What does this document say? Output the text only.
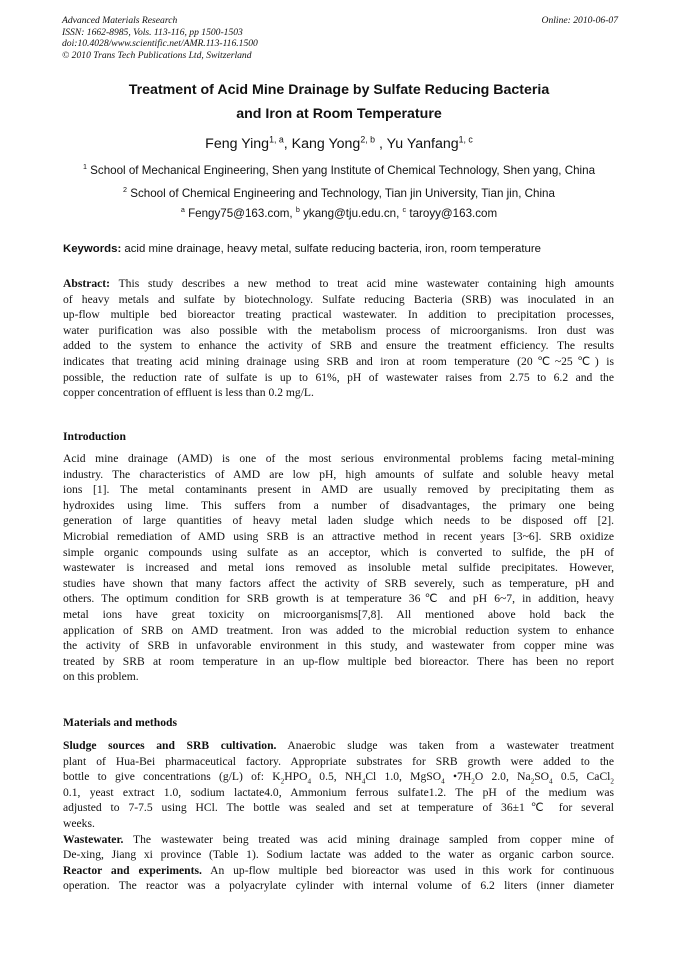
Advanced Materials Research
ISSN: 1662-8985, Vols. 113-116, pp 1500-1503
doi:10.4028/www.scientific.net/AMR.113-116.1500
© 2010 Trans Tech Publications Ltd, Switzerland
Online: 2010-06-07
Treatment of Acid Mine Drainage by Sulfate Reducing Bacteria
and Iron at Room Temperature
Feng Ying$^{1, a}$, Kang Yong$^{2, b}$ , Yu Yanfang$^{1, c}$
$^1$ School of Mechanical Engineering, Shen yang Institute of Chemical Technology, Shen yang, China
$^2$ School of Chemical Engineering and Technology, Tian jin University, Tian jin, China
$^a$ Fengy75@163.com, $^b$ ykang@tju.edu.cn, $^c$ taroyy@163.com
Keywords: acid mine drainage, heavy metal, sulfate reducing bacteria, iron, room temperature
Abstract: This study describes a new method to treat acid mine wastewater containing high amounts
of heavy metals and sulfate by biotechnology. Sulfate reducing Bacteria (SRB) was inoculated in an
up-flow multiple bed bioreactor treating practical wastewater. In addition to precipitation processes,
water purification was also possible with the metabolism process of microorganisms. Iron dust was
added to the system to enhance the activity of SRB and ensure the treatment efficiency. The results
indicates that treating acid mining drainage using SRB and iron at room temperature (20℃~25℃) is
possible, the reduction rate of sulfate is up to 61%, pH of wastewater raises from 2.75 to 6.2 and the
copper concentration of effluent is less than 0.2 mg/L.
Introduction
Acid mine drainage (AMD) is one of the most serious environmental problems facing metal-mining
industry. The characteristics of AMD are low pH, high amounts of sulfate and soluble heavy metal
ions [1]. The metal contaminants present in AMD are usually removed by precipitating them as
hydroxides using lime. This suffers from a number of disadvantages, the primary one being
generation of large quantities of heavy metal laden sludge which needs to be disposed off [2].
Microbial remediation of AMD using SRB is an attractive method in recent years [3~6]. SRB oxidize
simple organic compounds using sulfate as an acceptor, which is converted to sulfide, the pH of
wastewater is increased and metal ions removed as insoluble metal sulfide precipitates. However,
studies have shown that many factors affect the activity of SRB severely, such as temperature, pH and
others. The optimum condition for SRB growth is at temperature 36℃ and pH 6~7, in addition, heavy
metal ions have great toxicity on microorganisms[7,8]. All mentioned above hold back the
application of SRB on AMD treatment. Iron was added to the microbial reduction system to enhance
the activity of SRB in unfavorable environment in this study, and wastewater from copper mine was
treated by SRB at room temperature in an up-flow multiple bed bioreactor. There has been no report
on this problem.
Materials and methods
Sludge sources and SRB cultivation. Anaerobic sludge was taken from a wastewater treatment
plant of Hua-Bei pharmaceutical factory. Appropriate substrates for SRB growth were added to the
bottle to give concentrations (g/L) of: $K_2HPO_4$ 0.5, $NH_4Cl$ 1.0, MgSO$_4$ $•7H_2O$ 2.0, $Na_2SO_4$ 0.5, CaCl$_2$
0.1, yeast extract 1.0, sodium lactate4.0, Ammonium ferrous sulfate1.2. The pH of the medium was
adjusted to 7-7.5 using HCl. The bottle was sealed and set at temperature of 36±1℃ for several
weeks.
Wastewater. The wastewater being treated was acid mining drainage sampled from copper mine of
De-xing, Jiang xi province (Table 1). Sodium lactate was added to the water as organic carbon source.
Reactor and experiments. An up-flow multiple bed bioreactor was used in this work for continuous
operation. The reactor was a polyacrylate cylinder with internal volume of 6.2 liters (inner diameter
